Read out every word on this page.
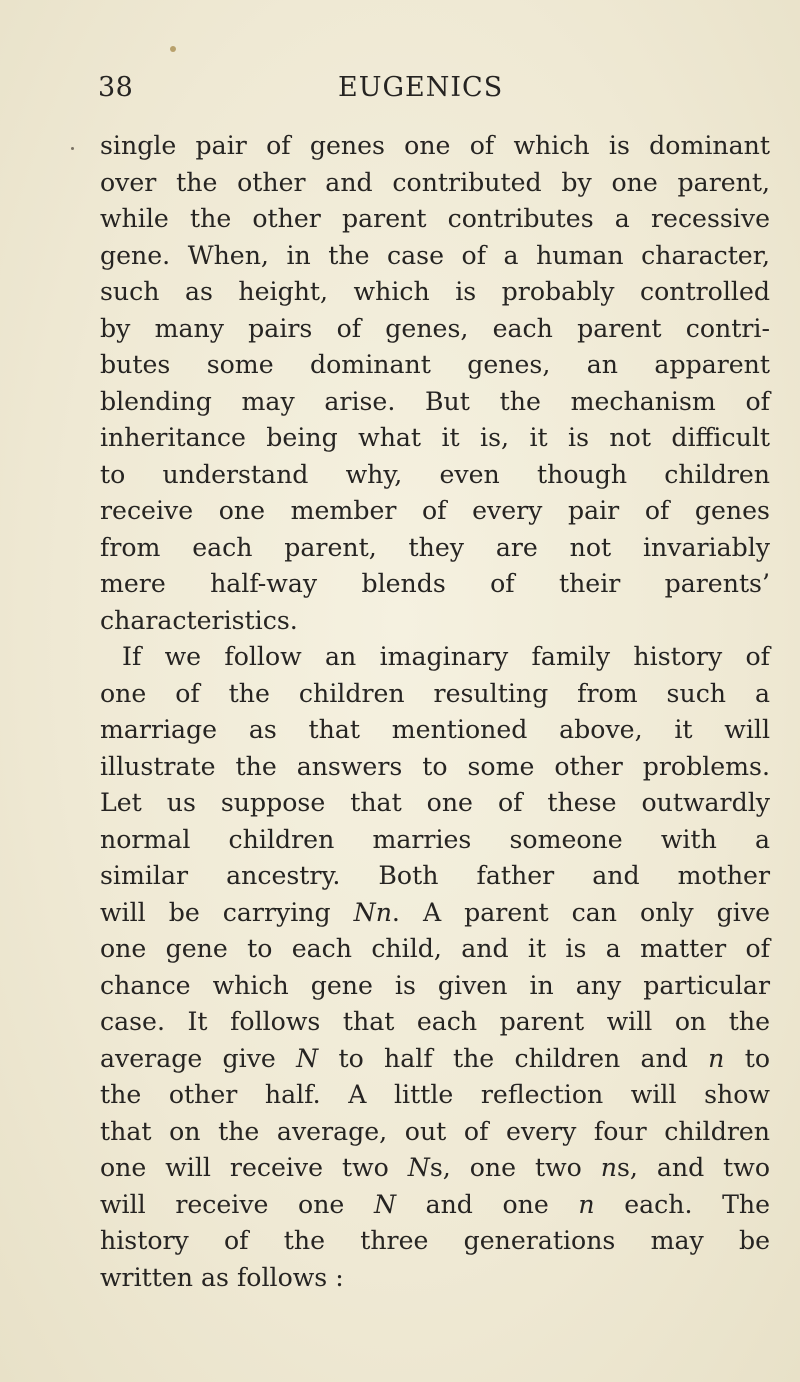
38	EUGENICS
single pair of genes one of which is dominant
over the other and contributed by one parent,
while the other parent contributes a recessive
gene. When, in the case of a human character,
such as height, which is probably controlled
by many pairs of genes, each parent contri-
butes some dominant genes, an apparent
blending may arise. But the mechanism of
inheritance being what it is, it is not difficult
to understand why, even though children
receive one member of every pair of genes
from each parent, they are not invariably
mere half-way blends of their parents’
characteristics.
If we follow an imaginary family history of
one of the children resulting from such a
marriage as that mentioned above, it will
illustrate the answers to some other problems.
Let us suppose that one of these outwardly
normal children marries someone with a
similar ancestry. Both father and mother
will be carrying Nn. A parent can only give
one gene to each child, and it is a matter of
chance which gene is given in any particular
case. It follows that each parent will on the
average give N to half the children and n to
the other half. A little reflection will show
that on the average, out of every four children
one will receive two Ns, one two ns, and two
will receive one N and one n each. The
history of the three generations may be
written as follows :
